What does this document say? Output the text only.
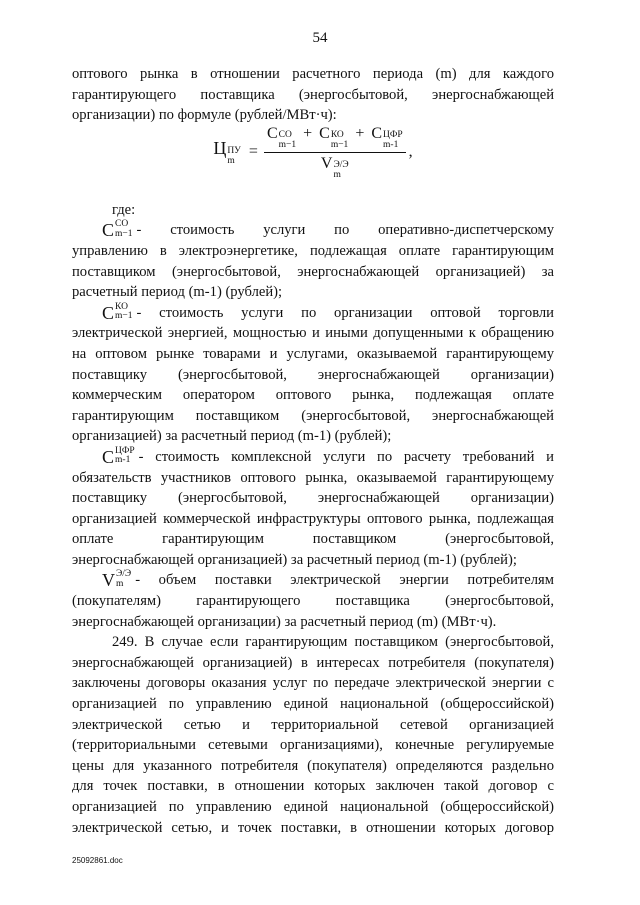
54
оптового рынка в отношении расчетного периода (m) для каждого
гарантирующего поставщика (энергосбытовой, энергоснабжающей
организации) по формуле (рублей/МВт·ч):
Ц ПУ
m
= C СО
m−1
+ C КО
m−1
+ C ЦФР
m-1
V Э/Э
m ,
где:
C СО
m−1 - стоимость услуги по оперативно-диспетчерскому
управлению в электроэнергетике, подлежащая оплате гарантирующим
поставщиком (энергосбытовой, энергоснабжающей организацией) за
расчетный период (m-1) (рублей);
C КО
m−1 - стоимость услуги по организации оптовой торговли
электрической энергией, мощностью и иными допущенными к обращению
на оптовом рынке товарами и услугами, оказываемой гарантирующему
поставщику (энергосбытовой, энергоснабжающей организации)
коммерческим оператором оптового рынка, подлежащая оплате
гарантирующим поставщиком (энергосбытовой, энергоснабжающей
организацией) за расчетный период (m-1) (рублей);
C ЦФР
m-1 - стоимость комплексной услуги по расчету требований и
обязательств участников оптового рынка, оказываемой гарантирующему
поставщику (энергосбытовой, энергоснабжающей организации)
организацией коммерческой инфраструктуры оптового рынка, подлежащая
оплате гарантирующим поставщиком (энергосбытовой,
энергоснабжающей организацией) за расчетный период (m-1) (рублей);
V Э/Э
m - объем поставки электрической энергии потребителям
(покупателям) гарантирующего поставщика (энергосбытовой,
энергоснабжающей организации) за расчетный период (m) (МВт·ч).
249. В случае если гарантирующим поставщиком (энергосбытовой,
энергоснабжающей организацией) в интересах потребителя (покупателя)
заключены договоры оказания услуг по передаче электрической энергии с
организацией по управлению единой национальной (общероссийской)
электрической сетью и территориальной сетевой организацией
(территориальными сетевыми организациями), конечные регулируемые
цены для указанного потребителя (покупателя) определяются раздельно
для точек поставки, в отношении которых заключен такой договор с
организацией по управлению единой национальной (общероссийской)
электрической сетью, и точек поставки, в отношении которых договор
25092861.doc
